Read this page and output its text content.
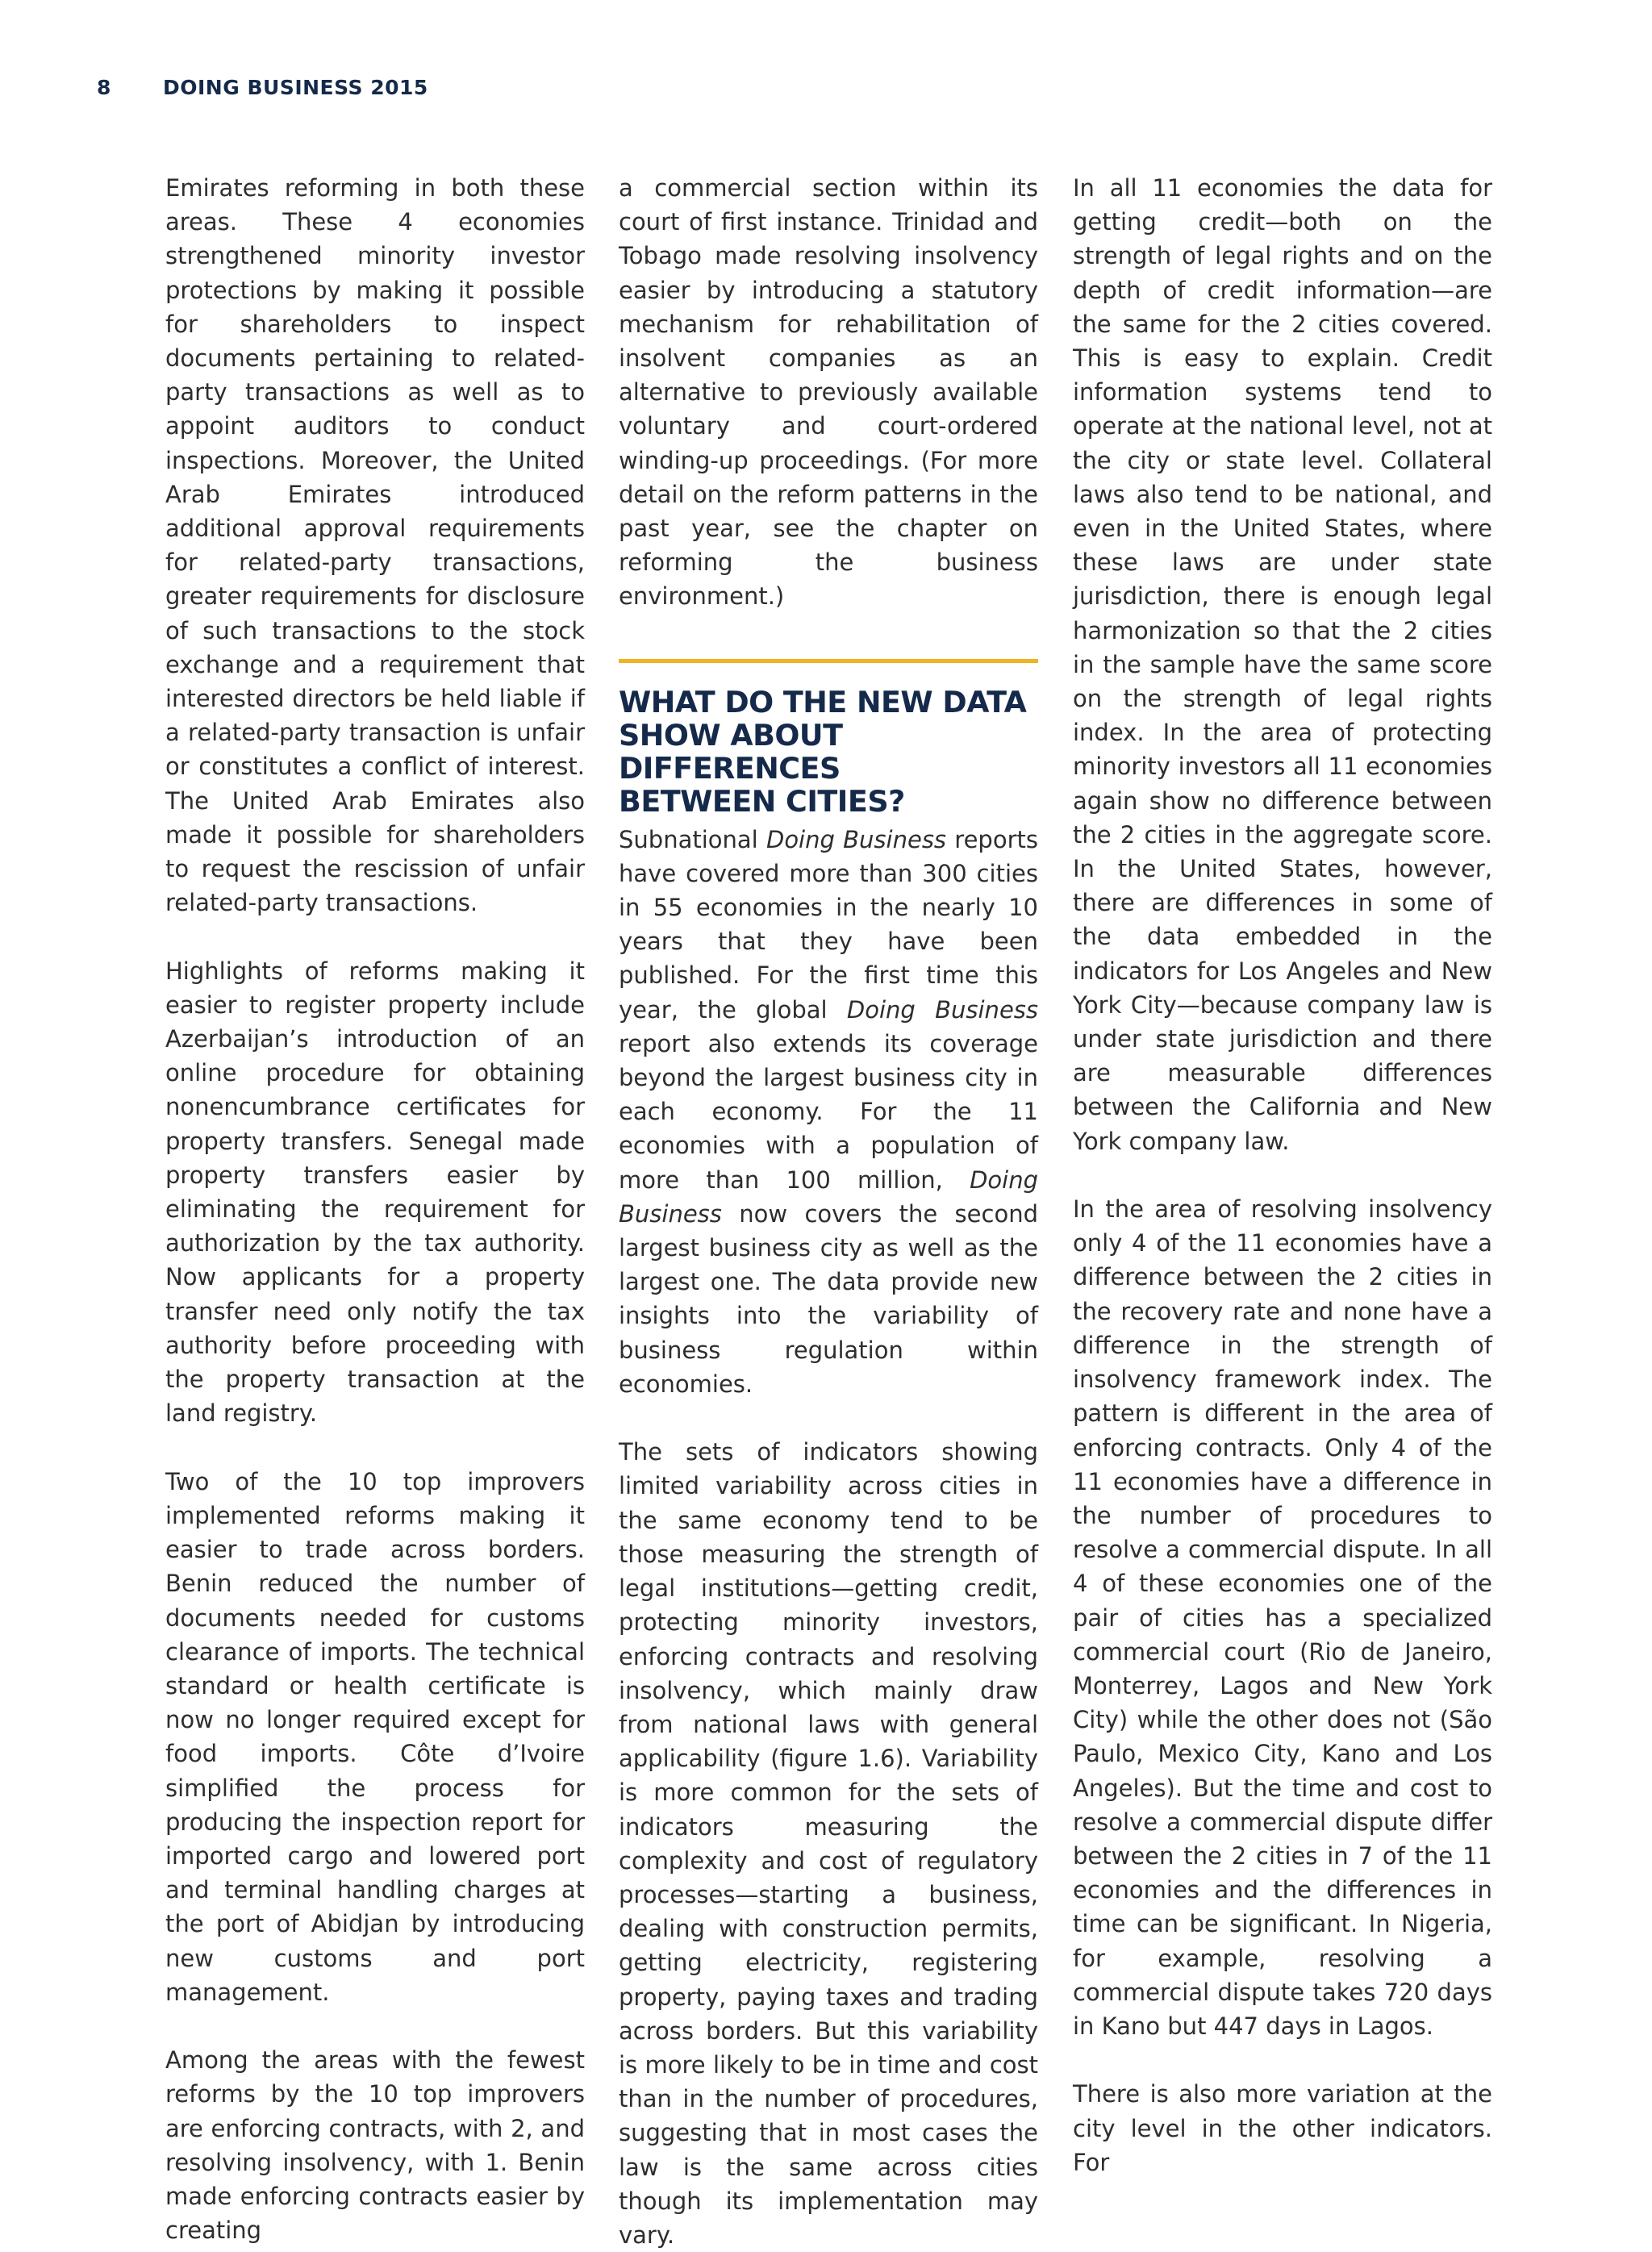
8	DOING BUSINESS 2015

Emirates reforming in both these areas. These 4 economies strengthened minority investor protections by making it possible for shareholders to inspect documents pertaining to related-party transactions as well as to appoint auditors to conduct inspections. Moreover, the United Arab Emirates introduced additional approval requirements for related-party transactions, greater requirements for disclosure of such transactions to the stock exchange and a requirement that interested directors be held liable if a related-party transaction is unfair or constitutes a conflict of interest. The United Arab Emirates also made it possible for shareholders to request the rescission of unfair related-party transactions.

Highlights of reforms making it easier to register property include Azerbaijan’s introduction of an online procedure for obtaining nonencumbrance certificates for property transfers. Senegal made property transfers easier by eliminating the requirement for authorization by the tax authority. Now applicants for a property transfer need only notify the tax authority before proceeding with the property transaction at the land registry.

Two of the 10 top improvers implemented reforms making it easier to trade across borders. Benin reduced the number of documents needed for customs clearance of imports. The technical standard or health certificate is now no longer required except for food imports. Côte d’Ivoire simplified the process for producing the inspection report for imported cargo and lowered port and terminal handling charges at the port of Abidjan by introducing new customs and port management.

Among the areas with the fewest reforms by the 10 top improvers are enforcing contracts, with 2, and resolving insolvency, with 1. Benin made enforcing contracts easier by creating

a commercial section within its court of first instance. Trinidad and Tobago made resolving insolvency easier by introducing a statutory mechanism for rehabilitation of insolvent companies as an alternative to previously available voluntary and court-ordered winding-up proceedings. (For more detail on the reform patterns in the past year, see the chapter on reforming the business environment.)

WHAT DO THE NEW DATA
SHOW ABOUT DIFFERENCES
BETWEEN CITIES?

Subnational Doing Business reports have covered more than 300 cities in 55 economies in the nearly 10 years that they have been published. For the first time this year, the global Doing Business report also extends its coverage beyond the largest business city in each economy. For the 11 economies with a population of more than 100 million, Doing Business now covers the second largest business city as well as the largest one. The data provide new insights into the variability of business regulation within economies.

The sets of indicators showing limited variability across cities in the same economy tend to be those measuring the strength of legal institutions—getting credit, protecting minority investors, enforcing contracts and resolving insolvency, which mainly draw from national laws with general applicability (figure 1.6). Variability is more common for the sets of indicators measuring the complexity and cost of regulatory processes—starting a business, dealing with construction permits, getting electricity, registering property, paying taxes and trading across borders. But this variability is more likely to be in time and cost than in the number of procedures, suggesting that in most cases the law is the same across cities though its implementation may vary.

In all 11 economies the data for getting credit—both on the strength of legal rights and on the depth of credit information—are the same for the 2 cities covered. This is easy to explain. Credit information systems tend to operate at the national level, not at the city or state level. Collateral laws also tend to be national, and even in the United States, where these laws are under state jurisdiction, there is enough legal harmonization so that the 2 cities in the sample have the same score on the strength of legal rights index. In the area of protecting minority investors all 11 economies again show no difference between the 2 cities in the aggregate score. In the United States, however, there are differences in some of the data embedded in the indicators for Los Angeles and New York City—because company law is under state jurisdiction and there are measurable differences between the California and New York company law.

In the area of resolving insolvency only 4 of the 11 economies have a difference between the 2 cities in the recovery rate and none have a difference in the strength of insolvency framework index. The pattern is different in the area of enforcing contracts. Only 4 of the 11 economies have a difference in the number of procedures to resolve a commercial dispute. In all 4 of these economies one of the pair of cities has a specialized commercial court (Rio de Janeiro, Monterrey, Lagos and New York City) while the other does not (São Paulo, Mexico City, Kano and Los Angeles). But the time and cost to resolve a commercial dispute differ between the 2 cities in 7 of the 11 economies and the differences in time can be significant. In Nigeria, for example, resolving a commercial dispute takes 720 days in Kano but 447 days in Lagos.

There is also more variation at the city level in the other indicators. For
